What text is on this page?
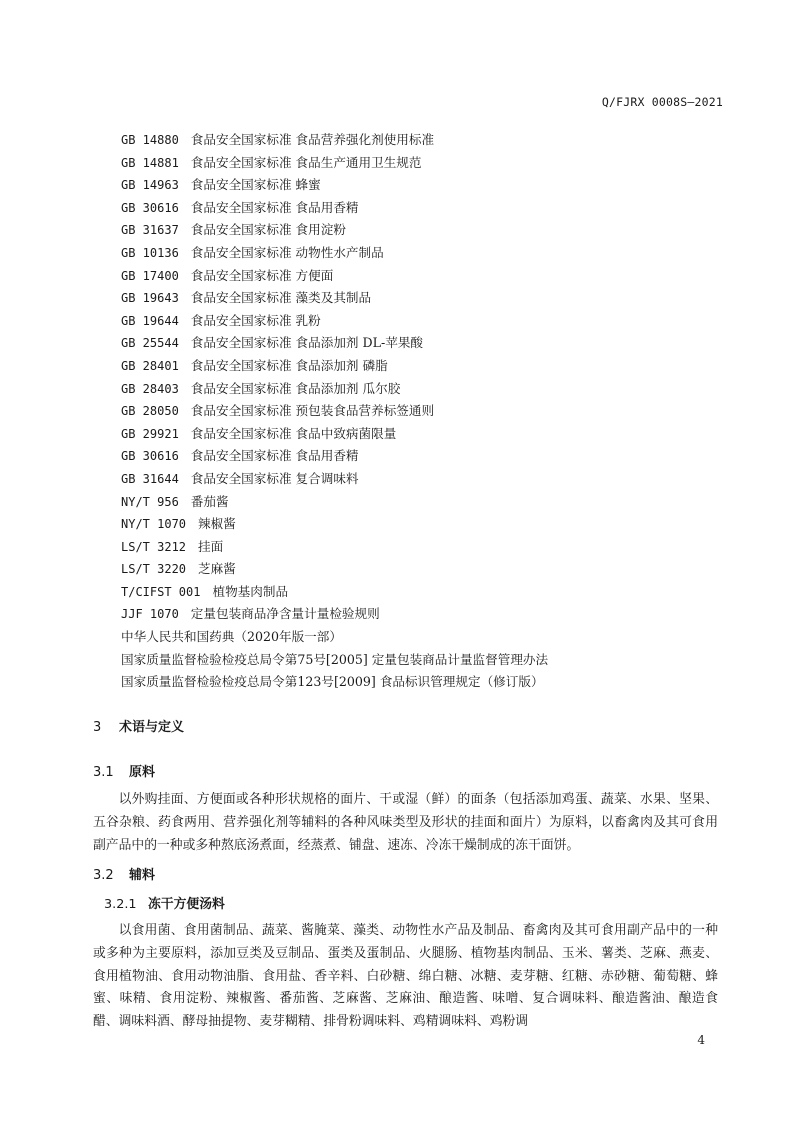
Q/FJRX 0008S—2021
GB 14880 食品安全国家标准 食品营养强化剂使用标准
GB 14881 食品安全国家标准 食品生产通用卫生规范
GB 14963 食品安全国家标准 蜂蜜
GB 30616 食品安全国家标准 食品用香精
GB 31637 食品安全国家标准 食用淀粉
GB 10136 食品安全国家标准 动物性水产制品
GB 17400 食品安全国家标准 方便面
GB 19643 食品安全国家标准 藻类及其制品
GB 19644 食品安全国家标准 乳粉
GB 25544 食品安全国家标准 食品添加剂 DL-苹果酸
GB 28401 食品安全国家标准 食品添加剂 磷脂
GB 28403 食品安全国家标准 食品添加剂 瓜尔胶
GB 28050 食品安全国家标准 预包装食品营养标签通则
GB 29921 食品安全国家标准 食品中致病菌限量
GB 30616 食品安全国家标准 食品用香精
GB 31644 食品安全国家标准 复合调味料
NY/T 956 番茄酱
NY/T 1070 辣椒酱
LS/T 3212 挂面
LS/T 3220 芝麻酱
T/CIFST 001 植物基肉制品
JJF 1070 定量包装商品净含量计量检验规则
中华人民共和国药典（2020年版一部）
国家质量监督检验检疫总局令第75号[2005] 定量包装商品计量监督管理办法
国家质量监督检验检疫总局令第123号[2009] 食品标识管理规定（修订版）
3 术语与定义
3.1 原料
以外购挂面、方便面或各种形状规格的面片、干或湿（鲜）的面条（包括添加鸡蛋、蔬菜、水果、坚果、五谷杂粮、药食两用、营养强化剂等辅料的各种风味类型及形状的挂面和面片）为原料，以畜禽肉及其可食用副产品中的一种或多种熬底汤煮面，经蒸煮、铺盘、速冻、冷冻干燥制成的冻干面饼。
3.2 辅料
3.2.1 冻干方便汤料
以食用菌、食用菌制品、蔬菜、酱腌菜、藻类、动物性水产品及制品、畜禽肉及其可食用副产品中的一种或多种为主要原料，添加豆类及豆制品、蛋类及蛋制品、火腿肠、植物基肉制品、玉米、薯类、芝麻、燕麦、食用植物油、食用动物油脂、食用盐、香辛料、白砂糖、绵白糖、冰糖、麦芽糖、红糖、赤砂糖、葡萄糖、蜂蜜、味精、食用淀粉、辣椒酱、番茄酱、芝麻酱、芝麻油、酿造酱、味噌、复合调味料、酿造酱油、酿造食醋、调味料酒、酵母抽提物、麦芽糊精、排骨粉调味料、鸡精调味料、鸡粉调
4
